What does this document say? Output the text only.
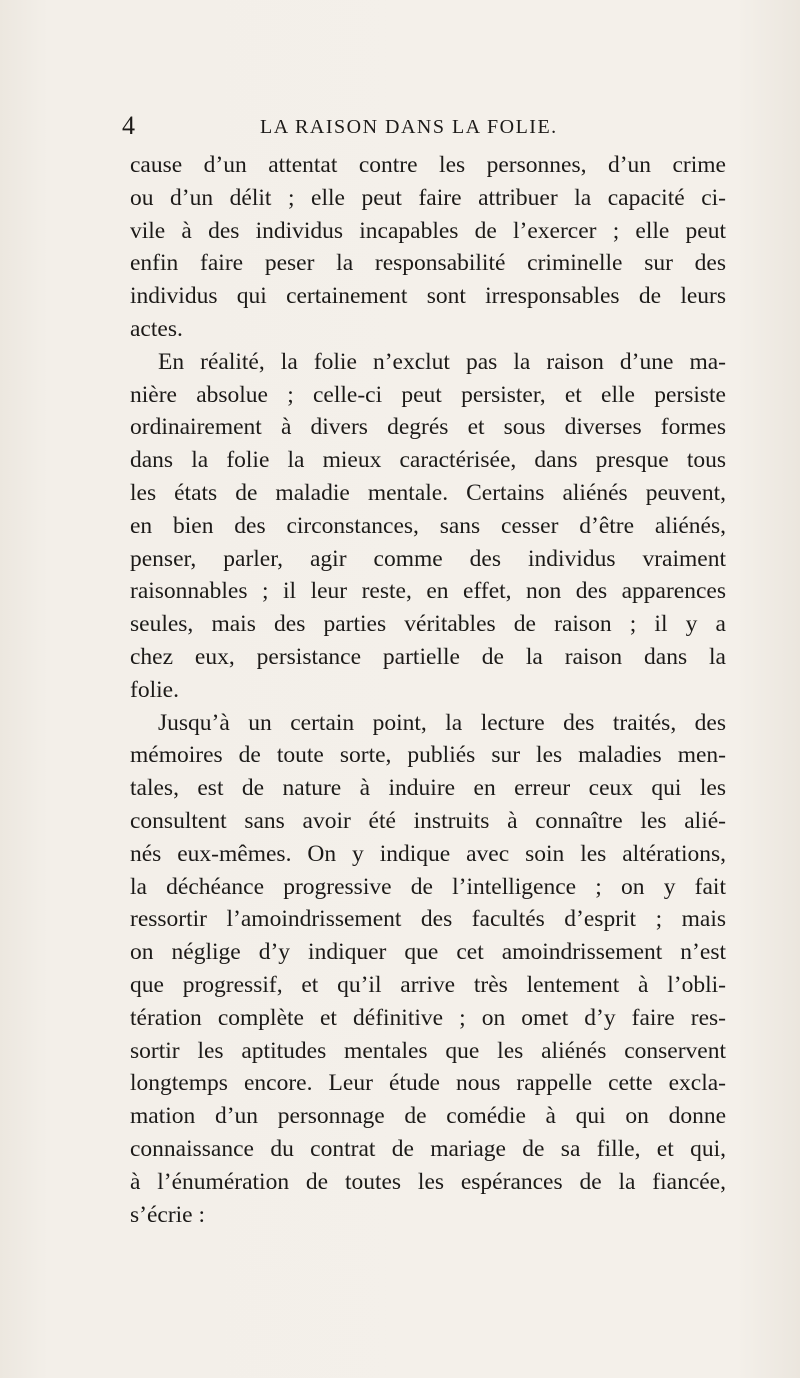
4	LA RAISON DANS LA FOLIE.
cause d’un attentat contre les personnes, d’un crime
ou d’un délit ; elle peut faire attribuer la capacité ci-
vile à des individus incapables de l’exercer ; elle peut
enfin faire peser la responsabilité criminelle sur des
individus qui certainement sont irresponsables de leurs
actes.
En réalité, la folie n’exclut pas la raison d’une ma-
nière absolue ; celle-ci peut persister, et elle persiste
ordinairement à divers degrés et sous diverses formes
dans la folie la mieux caractérisée, dans presque tous
les états de maladie mentale. Certains aliénés peuvent,
en bien des circonstances, sans cesser d’être aliénés,
penser, parler, agir comme des individus vraiment
raisonnables ; il leur reste, en effet, non des apparences
seules, mais des parties véritables de raison ; il y a
chez eux, persistance partielle de la raison dans la
folie.
Jusqu’à un certain point, la lecture des traités, des
mémoires de toute sorte, publiés sur les maladies men-
tales, est de nature à induire en erreur ceux qui les
consultent sans avoir été instruits à connaître les alié-
nés eux-mêmes. On y indique avec soin les altérations,
la déchéance progressive de l’intelligence ; on y fait
ressortir l’amoindrissement des facultés d’esprit ; mais
on néglige d’y indiquer que cet amoindrissement n’est
que progressif, et qu’il arrive très lentement à l’obli-
tération complète et définitive ; on omet d’y faire res-
sortir les aptitudes mentales que les aliénés conservent
longtemps encore. Leur étude nous rappelle cette excla-
mation d’un personnage de comédie à qui on donne
connaissance du contrat de mariage de sa fille, et qui,
à l’énumération de toutes les espérances de la fiancée,
s’écrie :
